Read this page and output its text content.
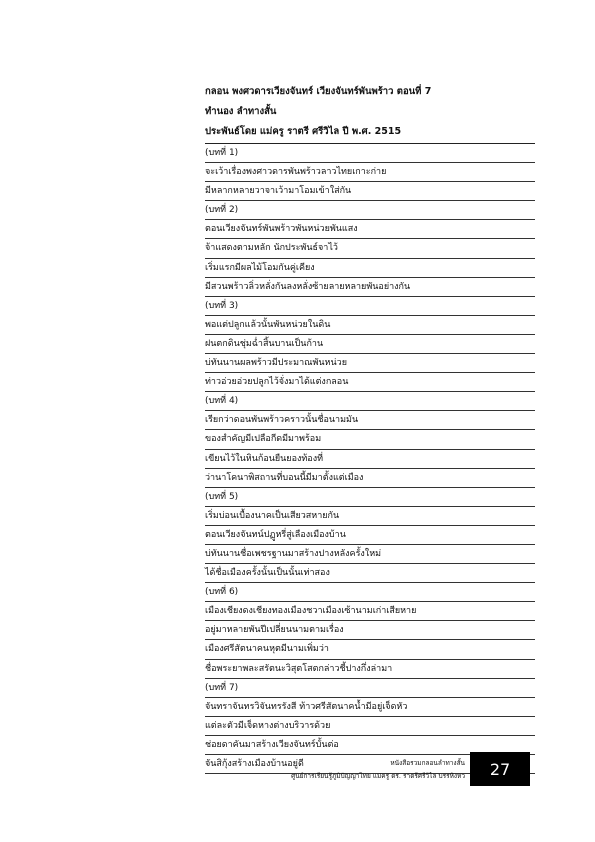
กลอน พงศวดารเวียงจันทร์ เวียงจันทร์พันพร้าว ตอนที่ 7
ทำนอง ลำทางสั้น
ประพันธ์โดย แม่ครู ราตรี ศรีวิไล ปี พ.ศ. 2515
(บทที่ 1)
จะเว้าเรื่องพงศาวดารพันพร้าวลาวไทยเกาะก่าย
มีหลากหลายวาจาเว้ามาโอมเข้าใส่กัน
(บทที่ 2)
ตอนเวียงจันทร์พันพร้าวพันหน่วยพันแสง
จ้าแสดงตามหลัก นักประพันธ์จาไว้
เริ่มแรกมีผลไม้โอมกันคู่เคียง
มีสวนพร้าวลิ่วหลั่งกันลงหลั่งซ้ายลายหลายพันอย่างกัน
(บทที่ 3)
พอแต่ปลูกแล้วนั้นพันหน่วยในดิน
ฝนตกดินชุ่มฉ่ำสิ้นบานเป็นก้าน
บ่ทันนานผลพร้าวมีประมาณพันหน่วย
ท่าวอ่วยอ่วยปลูกไว้จั่งมาได้แต่งกลอน
(บทที่ 4)
เรียกว่าดอนพันพร้าวคราวนั้นชื่อนามมัน
ของสำคัญมีเปลือกีดมีมาพร้อม
เขียนไว้ในหินก้อนยืนยองท้องที่
ว่านาโคนาพิสถานที่บอนนี้มีมาตั้งแต่เมือง
(บทที่ 5)
เริ่มบ่อนเบื้องนาคเป็นเสียวสหายกัน
ตอนเวียงจันทน์ปฏูหรี่สู่เลืองเมืองบ้าน
บ่ทันนานชื่อเพชรฐานมาสร้างปางหลังครั้งใหม่
ได้ชื่อเมืองครั้งนั้นเป็นนั้นเท่าสอง
(บทที่ 6)
เมืองเชียงดงเชียงทองเมืองชวาเมืองเซ้านามเก่าเสียหาย
อยู่มาหลายพันปีเปลี่ยนนามตามเรื่อง
เมืองศรีสัตนาคนหุตมีนามเพิ่มว่า
ชื่อพระยาพละสรัตนะวิสุตโสตกล่าวชี้ปางกึ่งล่ามา
(บทที่ 7)
จันทราจันทรวิจันทรรังสี ท้าวศรีสัตนาคน้ำมีอยู่เจ็ดหัว
แต่ละตัวมีเจ็ดหางต่างบริวารด้วย
ช่อยดาคันมาสร้างเวียงจันทร์บั้นต่อ
จันสิกุ้งสร้างเมืองบ้านอยู่ดี	หนังสือรวมกลอนลำทางสั้น
ศูนย์การเรียนรู้ภูมิปัญญาไทย แม่ครู ดร. ราตรีศรีวิไล บรรหิงหว 27
